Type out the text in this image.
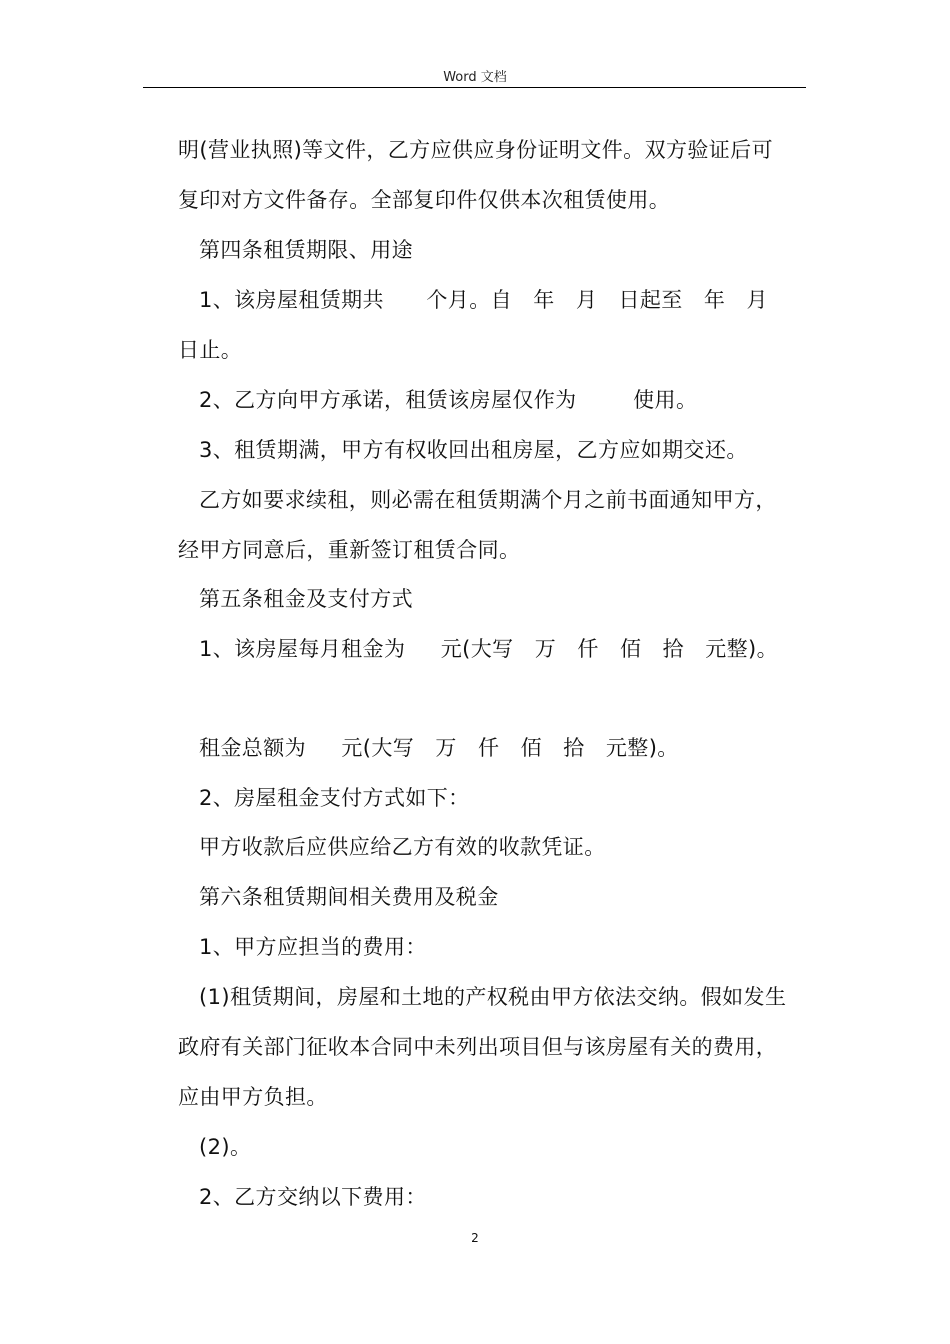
Word 文档
明(营业执照)等文件，乙方应供应身份证明文件。双方验证后可
复印对方文件备存。全部复印件仅供本次租赁使用。
第四条租赁期限、用途
1、该房屋租赁期共      个月。自   年   月   日起至   年   月
日止。
2、乙方向甲方承诺，租赁该房屋仅作为        使用。
3、租赁期满，甲方有权收回出租房屋，乙方应如期交还。
乙方如要求续租，则必需在租赁期满个月之前书面通知甲方，
经甲方同意后，重新签订租赁合同。
第五条租金及支付方式
1、该房屋每月租金为     元(大写   万   仟   佰   拾   元整)。
租金总额为     元(大写   万   仟   佰   拾   元整)。
2、房屋租金支付方式如下：
甲方收款后应供应给乙方有效的收款凭证。
第六条租赁期间相关费用及税金
1、甲方应担当的费用：
(1)租赁期间，房屋和土地的产权税由甲方依法交纳。假如发生
政府有关部门征收本合同中未列出项目但与该房屋有关的费用，
应由甲方负担。
(2)。
2、乙方交纳以下费用：
2
